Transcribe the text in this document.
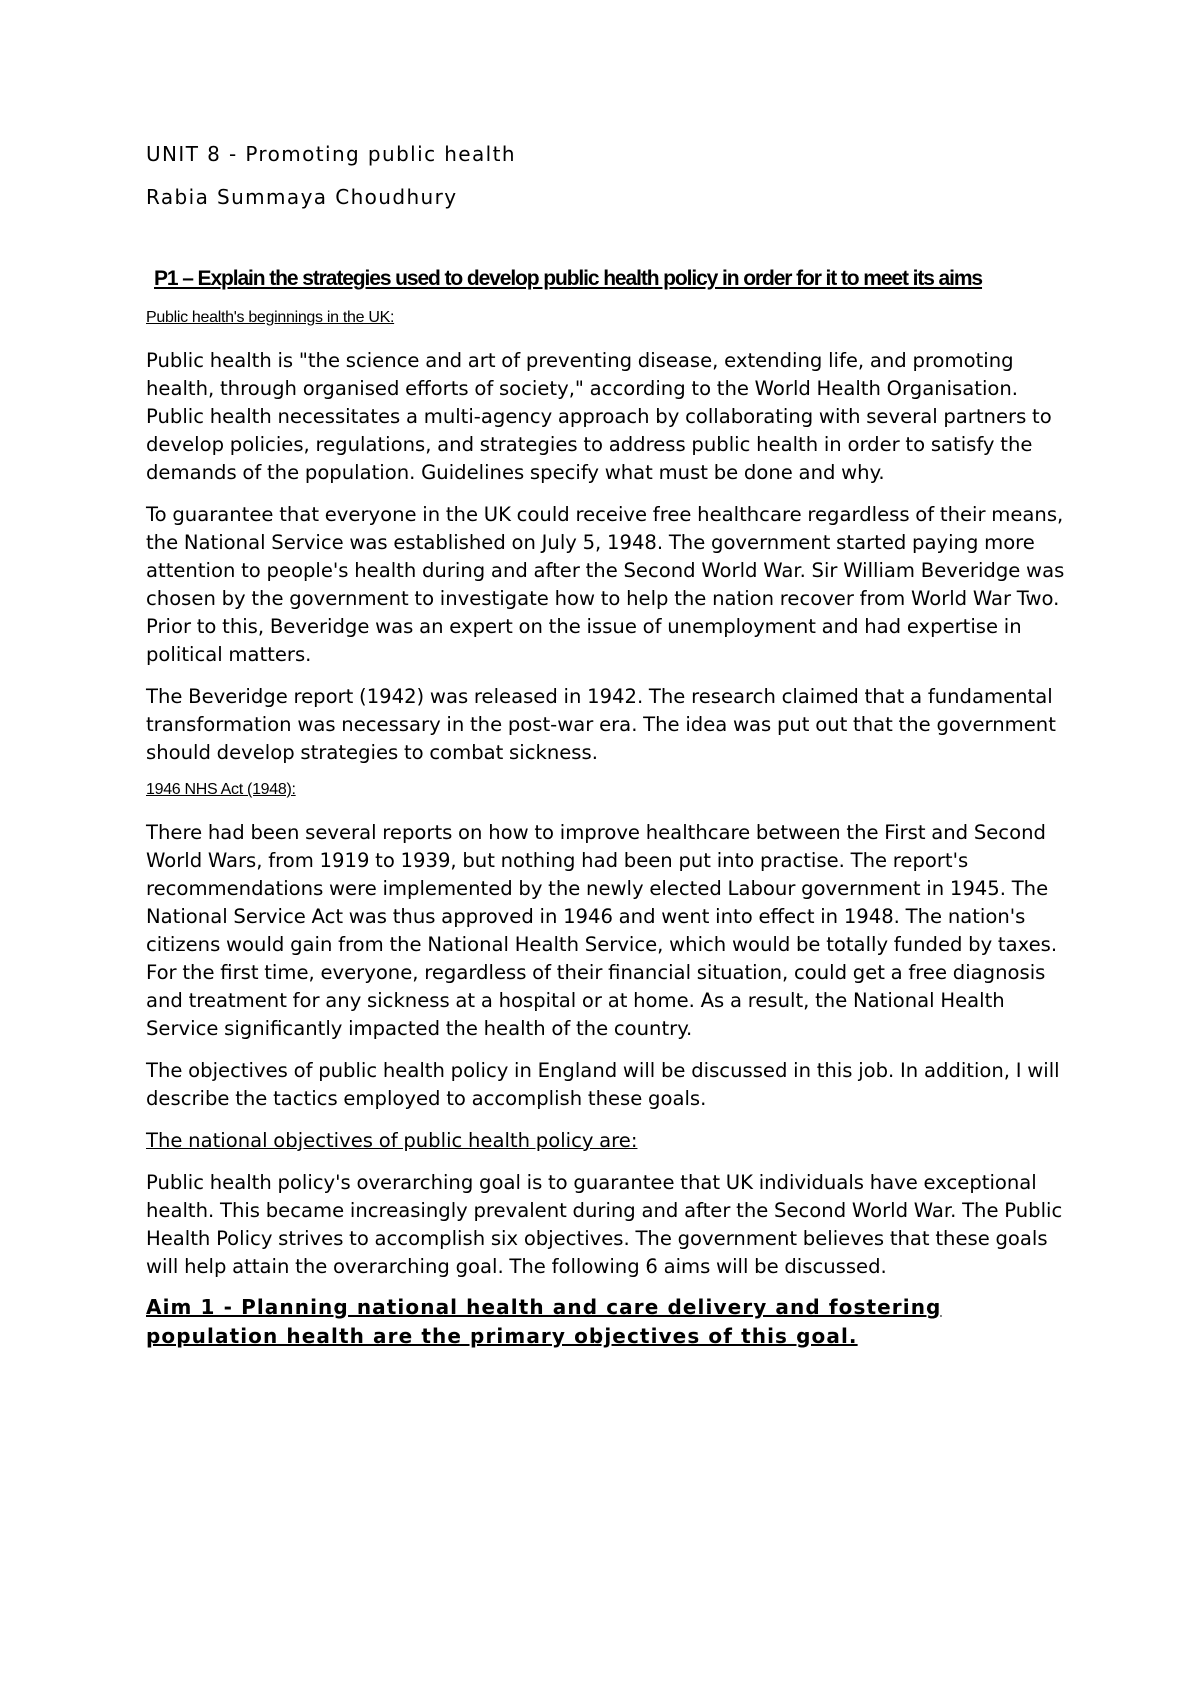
UNIT 8 - Promoting public health

Rabia Summaya Choudhury

P1 – Explain the strategies used to develop public health policy in order for it to meet its aims

Public health's beginnings in the UK:

Public health is "the science and art of preventing disease, extending life, and promoting health, through organised efforts of society," according to the World Health Organisation. Public health necessitates a multi-agency approach by collaborating with several partners to develop policies, regulations, and strategies to address public health in order to satisfy the demands of the population. Guidelines specify what must be done and why.

To guarantee that everyone in the UK could receive free healthcare regardless of their means, the National Service was established on July 5, 1948. The government started paying more attention to people's health during and after the Second World War. Sir William Beveridge was chosen by the government to investigate how to help the nation recover from World War Two. Prior to this, Beveridge was an expert on the issue of unemployment and had expertise in political matters.

The Beveridge report (1942) was released in 1942. The research claimed that a fundamental transformation was necessary in the post-war era. The idea was put out that the government should develop strategies to combat sickness.

1946 NHS Act (1948):

There had been several reports on how to improve healthcare between the First and Second World Wars, from 1919 to 1939, but nothing had been put into practise. The report's recommendations were implemented by the newly elected Labour government in 1945. The National Service Act was thus approved in 1946 and went into effect in 1948. The nation's citizens would gain from the National Health Service, which would be totally funded by taxes. For the first time, everyone, regardless of their financial situation, could get a free diagnosis and treatment for any sickness at a hospital or at home. As a result, the National Health Service significantly impacted the health of the country.

The objectives of public health policy in England will be discussed in this job. In addition, I will describe the tactics employed to accomplish these goals.

The national objectives of public health policy are:

Public health policy's overarching goal is to guarantee that UK individuals have exceptional health. This became increasingly prevalent during and after the Second World War. The Public Health Policy strives to accomplish six objectives. The government believes that these goals will help attain the overarching goal. The following 6 aims will be discussed.

Aim 1 - Planning national health and care delivery and fostering population health are the primary objectives of this goal.
